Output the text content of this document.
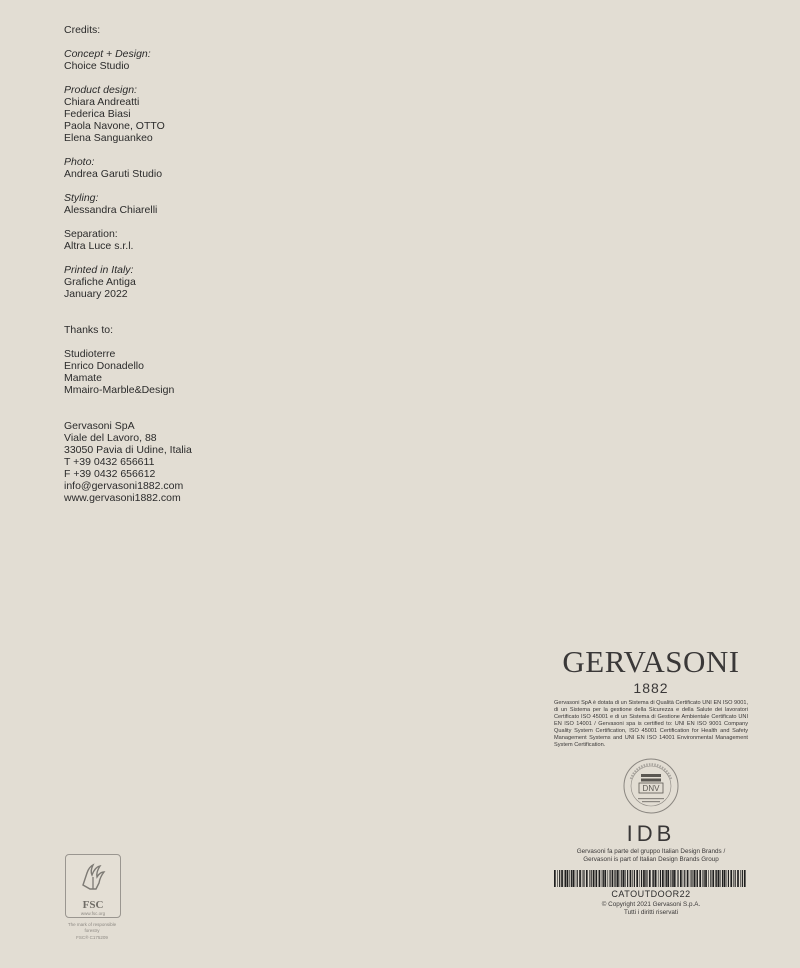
Credits:

Concept + Design:

Choice Studio

Product design:

Chiara Andreatti

Federica Biasi

Paola Navone, OTTO

Elena Sanguankeo

Photo:

Andrea Garuti Studio

Styling:

Alessandra Chiarelli

Separation:

Altra Luce s.r.l.

Printed in Italy:

Grafiche Antiga

January 2022

Thanks to:

Studioterre

Enrico Donadello

Mamate

Mmairo-Marble&Design

Gervasoni SpA

Viale del Lavoro, 88

33050 Pavia di Udine, Italia

T +39 0432 656611

F +39 0432 656612

info@gervasoni1882.com

www.gervasoni1882.com

GERVASONI
1882
Gervasoni SpA è dotata di un Sistema di Qualità Certificato UNI EN ISO 9001, di un Sistema per la gestione della Sicurezza e della Salute dei lavoratori Certificato ISO 45001 e di un Sistema di Gestione Ambientale Certificato UNI EN ISO 14001 / Gervasoni spa is certified to: UNI EN ISO 9001 Company Quality System Certification, ISO 45001 Certification for Health and Safety Management Systems and UNI EN ISO 14001 Environmental Management System Certification.
DNV
IDB
Gervasoni fa parte del gruppo Italian Design Brands /
Gervasoni is part of Italian Design Brands Group
CATOUTDOOR22
© Copyright 2021 Gervasoni S.p.A.
Tutti i diritti riservati
FSC
www.fsc.org
The mark of responsible forestry
FSC® C175209
